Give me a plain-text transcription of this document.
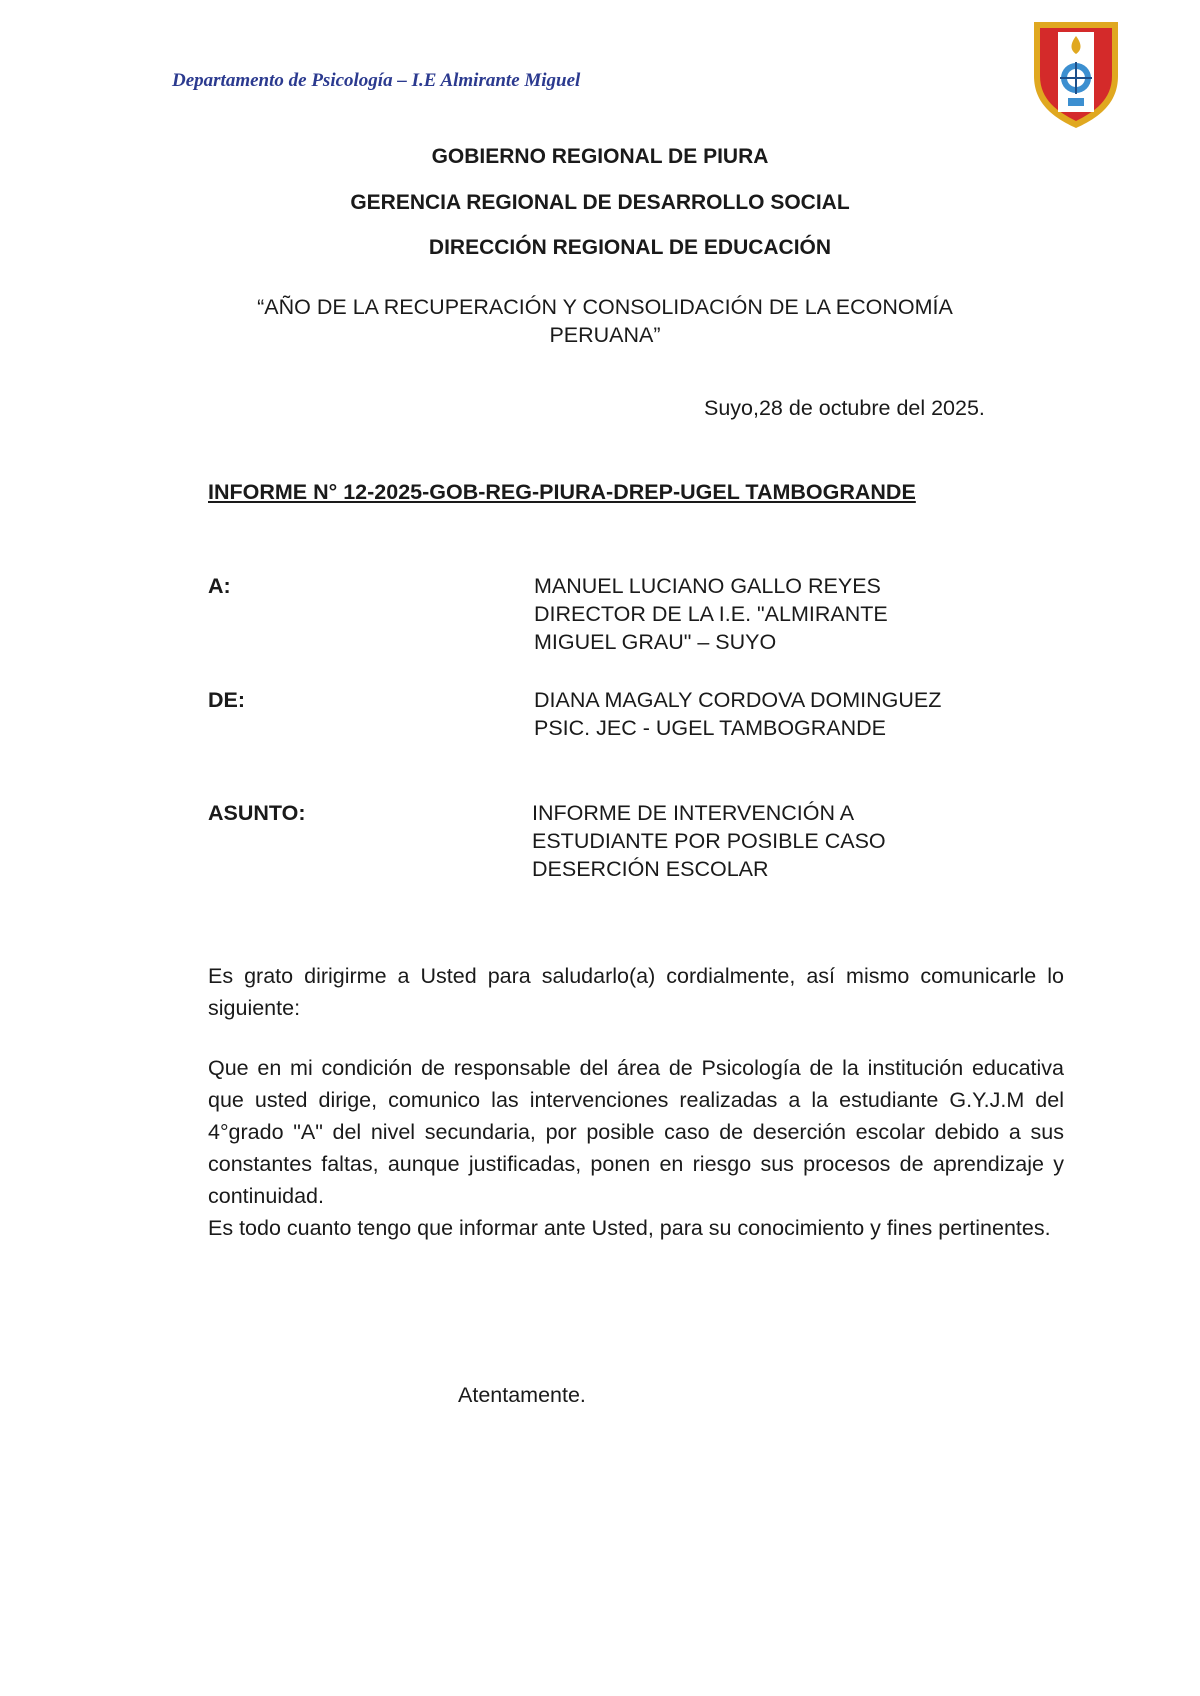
Departamento de Psicología – I.E Almirante Miguel
GOBIERNO REGIONAL DE PIURA
GERENCIA REGIONAL DE DESARROLLO SOCIAL
DIRECCIÓN REGIONAL DE EDUCACIÓN
“AÑO DE LA RECUPERACIÓN Y CONSOLIDACIÓN DE LA ECONOMÍA
PERUANA”
Suyo,28 de octubre del 2025.
INFORME N° 12-2025-GOB-REG-PIURA-DREP-UGEL TAMBOGRANDE
A:	MANUEL LUCIANO GALLO REYES
DIRECTOR DE LA I.E. "ALMIRANTE
MIGUEL GRAU" – SUYO
DE:	DIANA MAGALY CORDOVA DOMINGUEZ
PSIC. JEC - UGEL TAMBOGRANDE
ASUNTO:	INFORME DE INTERVENCIÓN A
ESTUDIANTE POR POSIBLE CASO
DESERCIÓN ESCOLAR

Es grato dirigirme a Usted para saludarlo(a) cordialmente, así mismo comunicarle lo siguiente:

Que en mi condición de responsable del área de Psicología de la institución educativa que usted dirige, comunico las intervenciones realizadas a la estudiante G.Y.J.M del 4°grado "A" del nivel secundaria, por posible caso de deserción escolar debido a sus constantes faltas, aunque justificadas, ponen en riesgo sus procesos de aprendizaje y continuidad.

Es todo cuanto tengo que informar ante Usted, para su conocimiento y fines pertinentes.

Atentamente.
